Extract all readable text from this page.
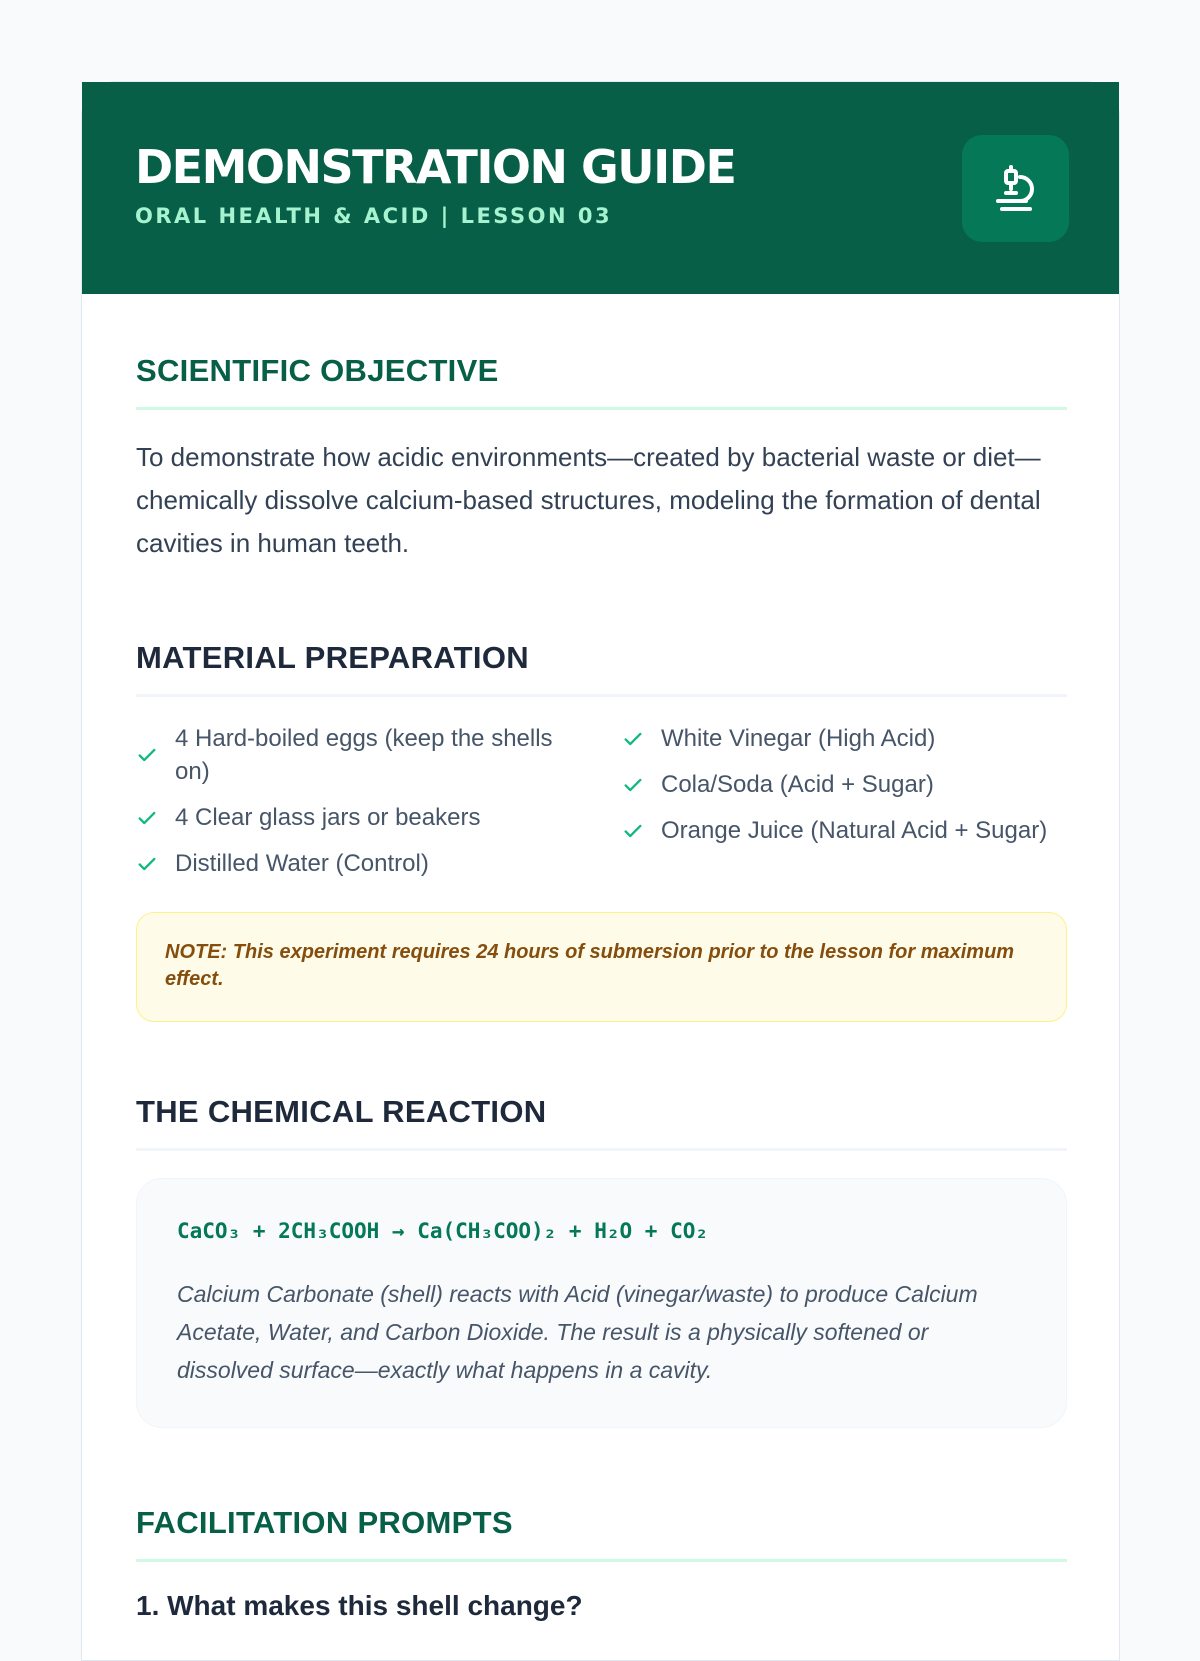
DEMONSTRATION GUIDE
ORAL HEALTH & ACID | LESSON 03
SCIENTIFIC OBJECTIVE
To demonstrate how acidic environments—created by bacterial waste or diet—chemically dissolve calcium-based structures, modeling the formation of dental cavities in human teeth.
MATERIAL PREPARATION
4 Hard-boiled eggs (keep the shells on)
4 Clear glass jars or beakers
Distilled Water (Control)
White Vinegar (High Acid)
Cola/Soda (Acid + Sugar)
Orange Juice (Natural Acid + Sugar)
NOTE: This experiment requires 24 hours of submersion prior to the lesson for maximum effect.
THE CHEMICAL REACTION
CaCO₃ + 2CH₃COOH → Ca(CH₃COO)₂ + H₂O + CO₂
Calcium Carbonate (shell) reacts with Acid (vinegar/waste) to produce Calcium Acetate, Water, and Carbon Dioxide. The result is a physically softened or dissolved surface—exactly what happens in a cavity.
FACILITATION PROMPTS
1. What makes this shell change?
